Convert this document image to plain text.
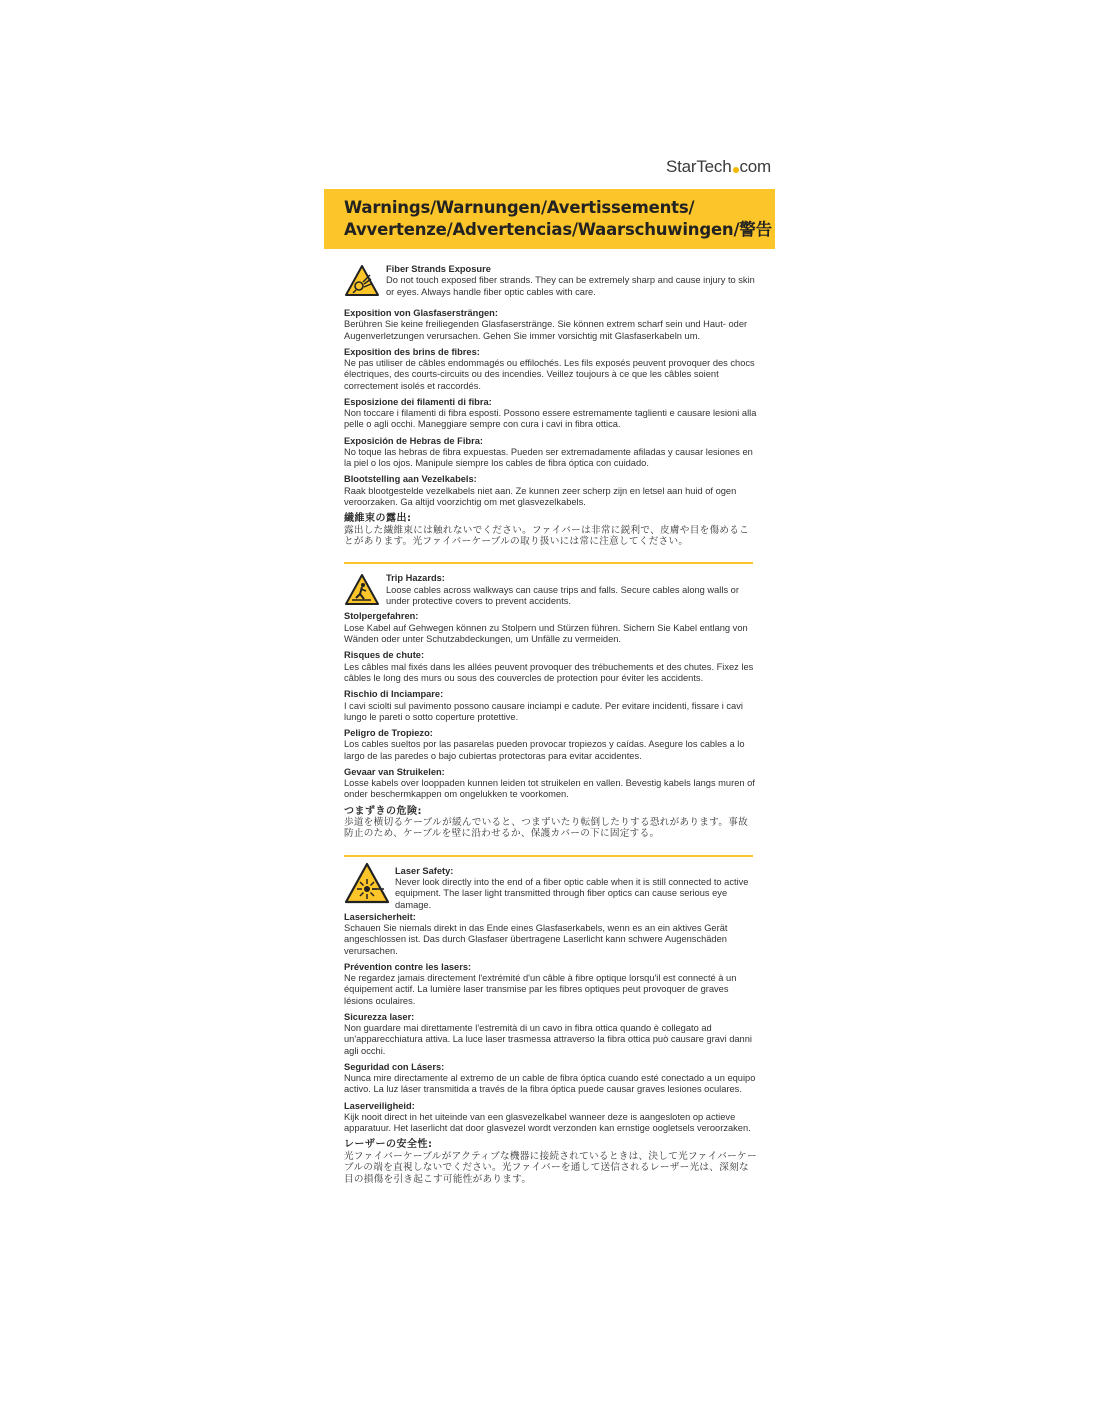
StarTech com
Warnings/Warnungen/Avertissements/
Avvertenze/Advertencias/Waarschuwingen/警告
Fiber Strands Exposure
Do not touch exposed fiber strands. They can be extremely sharp and cause injury to skin or eyes. Always handle fiber optic cables with care.
Exposition von Glasfasersträngen:
Berühren Sie keine freiliegenden Glasfaserstränge. Sie können extrem scharf sein und Haut- oder Augenverletzungen verursachen. Gehen Sie immer vorsichtig mit Glasfaserkabeln um.
Exposition des brins de fibres:
Ne pas utiliser de câbles endommagés ou effilochés. Les fils exposés peuvent provoquer des chocs électriques, des courts-circuits ou des incendies. Veillez toujours à ce que les câbles soient correctement isolés et raccordés.
Esposizione dei filamenti di fibra:
Non toccare i filamenti di fibra esposti. Possono essere estremamente taglienti e causare lesioni alla pelle o agli occhi. Maneggiare sempre con cura i cavi in fibra ottica.
Exposición de Hebras de Fibra:
No toque las hebras de fibra expuestas. Pueden ser extremadamente afiladas y causar lesiones en la piel o los ojos. Manipule siempre los cables de fibra óptica con cuidado.
Blootstelling aan Vezelkabels:
Raak blootgestelde vezelkabels niet aan. Ze kunnen zeer scherp zijn en letsel aan huid of ogen veroorzaken. Ga altijd voorzichtig om met glasvezelkabels.
繊維束の露出:
露出した繊維束には触れないでください。ファイバーは非常に鋭利で、皮膚や目を傷めることがあります。光ファイバーケーブルの取り扱いには常に注意してください。
Trip Hazards:
Loose cables across walkways can cause trips and falls. Secure cables along walls or under protective covers to prevent accidents.
Stolpergefahren:
Lose Kabel auf Gehwegen können zu Stolpern und Stürzen führen. Sichern Sie Kabel entlang von Wänden oder unter Schutzabdeckungen, um Unfälle zu vermeiden.
Risques de chute:
Les câbles mal fixés dans les allées peuvent provoquer des trébuchements et des chutes. Fixez les câbles le long des murs ou sous des couvercles de protection pour éviter les accidents.
Rischio di Inciampare:
I cavi sciolti sul pavimento possono causare inciampi e cadute. Per evitare incidenti, fissare i cavi lungo le pareti o sotto coperture protettive.
Peligro de Tropiezo:
Los cables sueltos por las pasarelas pueden provocar tropiezos y caídas. Asegure los cables a lo largo de las paredes o bajo cubiertas protectoras para evitar accidentes.
Gevaar van Struikelen:
Losse kabels over looppaden kunnen leiden tot struikelen en vallen. Bevestig kabels langs muren of onder beschermkappen om ongelukken te voorkomen.
つまずきの危険:
歩道を横切るケーブルが緩んでいると、つまずいたり転倒したりする恐れがあります。事故防止のため、ケーブルを壁に沿わせるか、保護カバーの下に固定する。
Laser Safety:
Never look directly into the end of a fiber optic cable when it is still connected to active equipment. The laser light transmitted through fiber optics can cause serious eye damage.
Lasersicherheit:
Schauen Sie niemals direkt in das Ende eines Glasfaserkabels, wenn es an ein aktives Gerät angeschlossen ist. Das durch Glasfaser übertragene Laserlicht kann schwere Augenschäden verursachen.
Prévention contre les lasers:
Ne regardez jamais directement l'extrémité d'un câble à fibre optique lorsqu'il est connecté à un équipement actif. La lumière laser transmise par les fibres optiques peut provoquer de graves lésions oculaires.
Sicurezza laser:
Non guardare mai direttamente l'estremità di un cavo in fibra ottica quando è collegato ad un'apparecchiatura attiva. La luce laser trasmessa attraverso la fibra ottica può causare gravi danni agli occhi.
Seguridad con Lásers:
Nunca mire directamente al extremo de un cable de fibra óptica cuando esté conectado a un equipo activo. La luz láser transmitida a través de la fibra óptica puede causar graves lesiones oculares.
Laserveiligheid:
Kijk nooit direct in het uiteinde van een glasvezelkabel wanneer deze is aangesloten op actieve apparatuur. Het laserlicht dat door glasvezel wordt verzonden kan ernstige oogletsels veroorzaken.
レーザーの安全性:
光ファイバーケーブルがアクティブな機器に接続されているときは、決して光ファイバーケーブルの端を直視しないでください。光ファイバーを通して送信されるレーザー光は、深刻な目の損傷を引き起こす可能性があります。
